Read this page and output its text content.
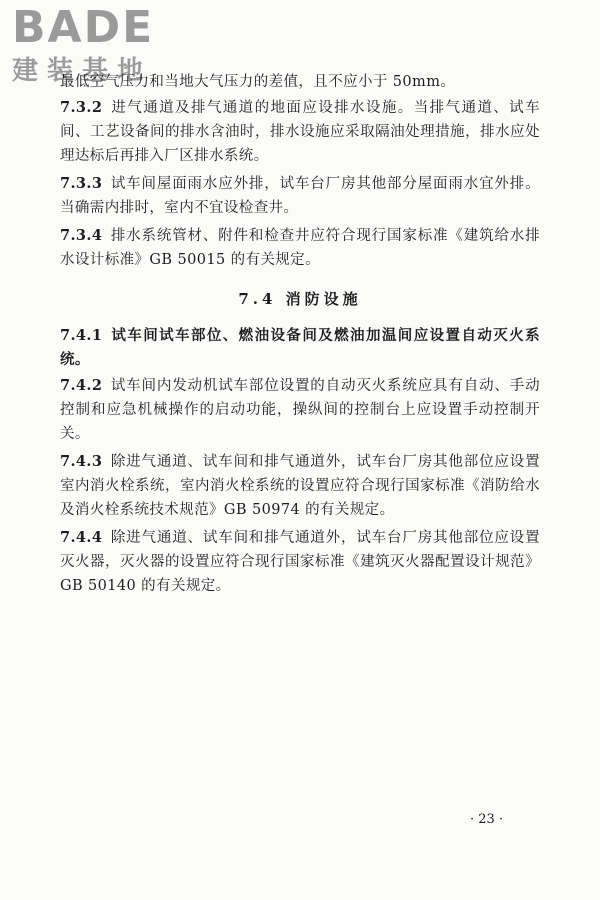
BADE
建装基地
最低空气压力和当地大气压力的差值，且不应小于 50mm。
7.3.2 进气通道及排气通道的地面应设排水设施。当排气通道、试车间、工艺设备间的排水含油时，排水设施应采取隔油处理措施，排水应处理达标后再排入厂区排水系统。
7.3.3 试车间屋面雨水应外排，试车台厂房其他部分屋面雨水宜外排。当确需内排时，室内不宜设检查井。
7.3.4 排水系统管材、附件和检查井应符合现行国家标准《建筑给水排水设计标准》GB 50015 的有关规定。
7.4 消防设施
7.4.1 试车间试车部位、燃油设备间及燃油加温间应设置自动灭火系统。
7.4.2 试车间内发动机试车部位设置的自动灭火系统应具有自动、手动控制和应急机械操作的启动功能，操纵间的控制台上应设置手动控制开关。
7.4.3 除进气通道、试车间和排气通道外，试车台厂房其他部位应设置室内消火栓系统，室内消火栓系统的设置应符合现行国家标准《消防给水及消火栓系统技术规范》GB 50974 的有关规定。
7.4.4 除进气通道、试车间和排气通道外，试车台厂房其他部位应设置灭火器，灭火器的设置应符合现行国家标准《建筑灭火器配置设计规范》GB 50140 的有关规定。
· 23 ·
